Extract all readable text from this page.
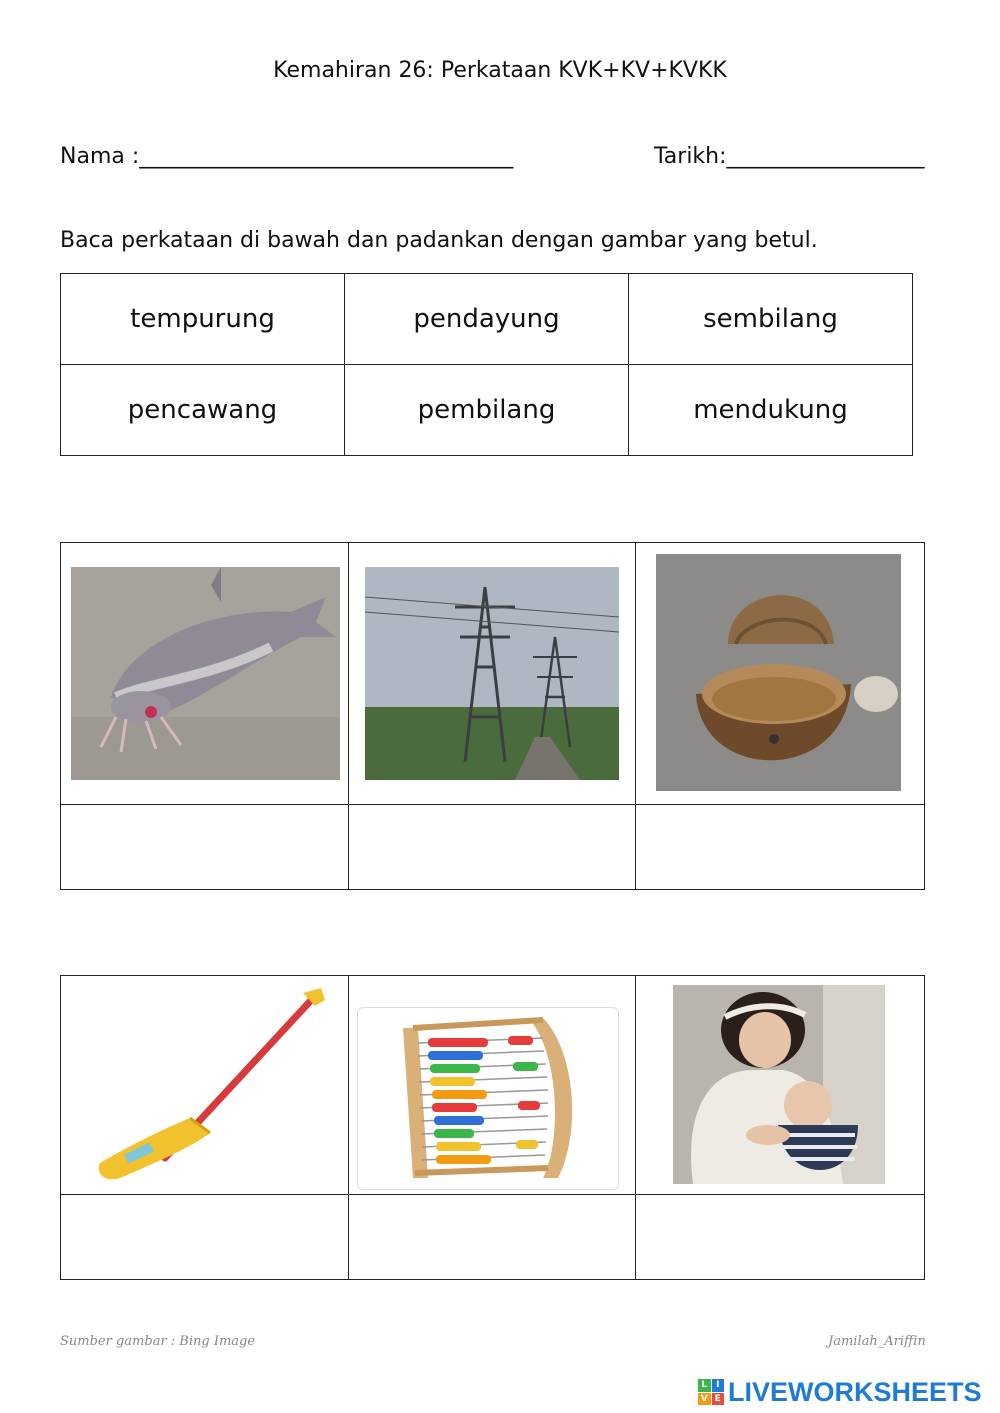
Kemahiran 26: Perkataan KVK+KV+KVKK
Nama :__________________________________	Tarikh:__________________
Baca perkataan di bawah dan padankan dengan gambar yang betul.
tempurung	pendayung	sembilang
pencawang	pembilang	mendukung

Sumber gambar : Bing Image	Jamilah_Ariffin
L I
V E LIVEWORKSHEETS
